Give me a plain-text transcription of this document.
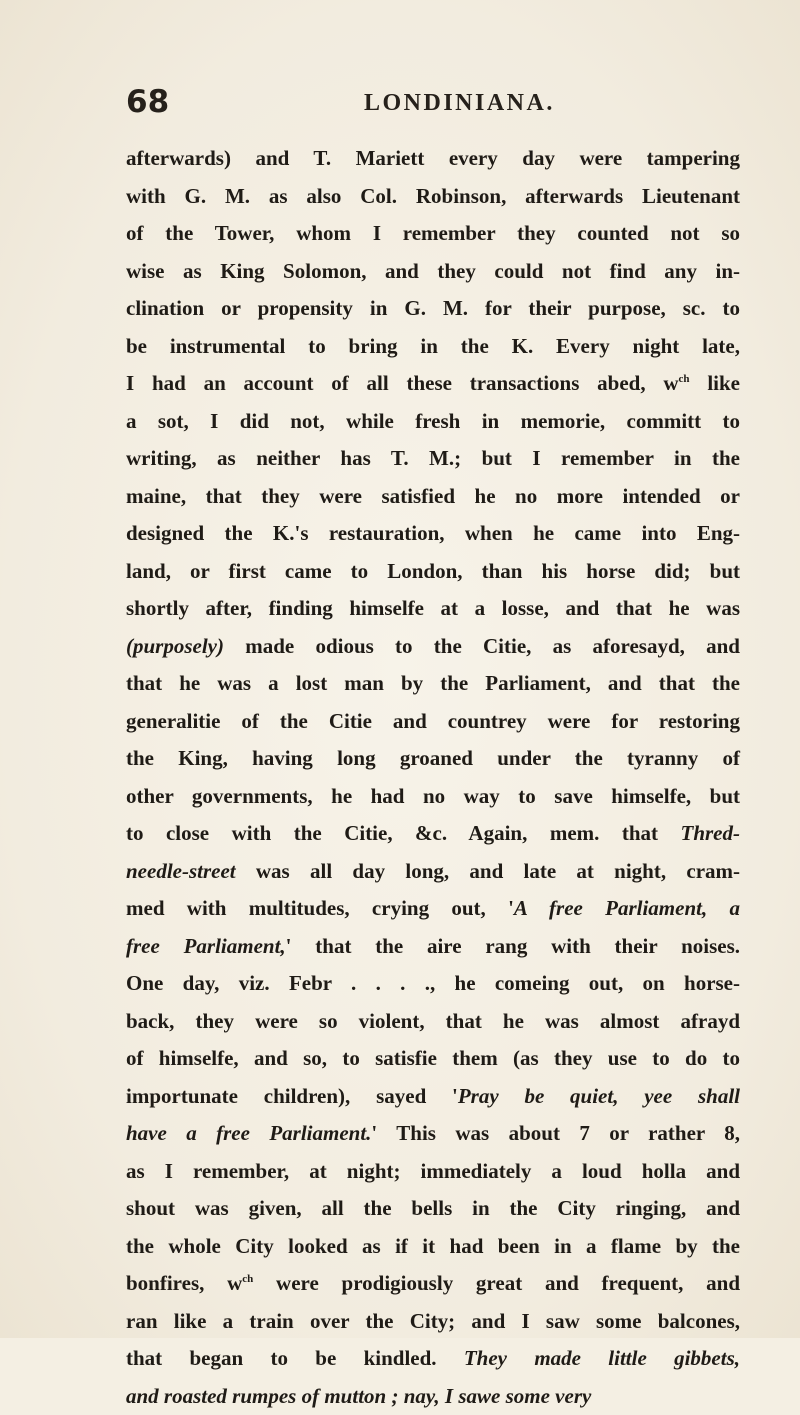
68	LONDINIANA.
afterwards) and T. Mariett every day were tampering
with G. M. as also Col. Robinson, afterwards Lieutenant
of the Tower, whom I remember they counted not so
wise as King Solomon, and they could not find any in-
clination or propensity in G. M. for their purpose, sc. to
be instrumental to bring in the K. Every night late,
I had an account of all these transactions abed, $w^{ch}$ like
a sot, I did not, while fresh in memorie, committ to
writing, as neither has T. M.; but I remember in the
maine, that they were satisfied he no more intended or
designed the K.'s restauration, when he came into Eng-
land, or first came to London, than his horse did; but
shortly after, finding himselfe at a losse, and that he was
(purposely) made odious to the Citie, as aforesayd, and
that he was a lost man by the Parliament, and that the
generalitie of the Citie and countrey were for restoring
the King, having long groaned under the tyranny of
other governments, he had no way to save himselfe, but
to close with the Citie, &c. Again, mem. that Thred-
needle-street was all day long, and late at night, cram-
med with multitudes, crying out, 'A free Parliament, a
free Parliament,' that the aire rang with their noises.
One day, viz. Febr . . . ., he comeing out, on horse-
back, they were so violent, that he was almost afrayd
of himselfe, and so, to satisfie them (as they use to do to
importunate children), sayed 'Pray be quiet, yee shall
have a free Parliament.' This was about 7 or rather 8,
as I remember, at night; immediately a loud holla and
shout was given, all the bells in the City ringing, and
the whole City looked as if it had been in a flame by the
bonfires, $w^{ch}$ were prodigiously great and frequent, and
ran like a train over the City; and I saw some balcones,
that began to be kindled. They made little gibbets,
and roasted rumpes of mutton ; nay, I sawe some very
